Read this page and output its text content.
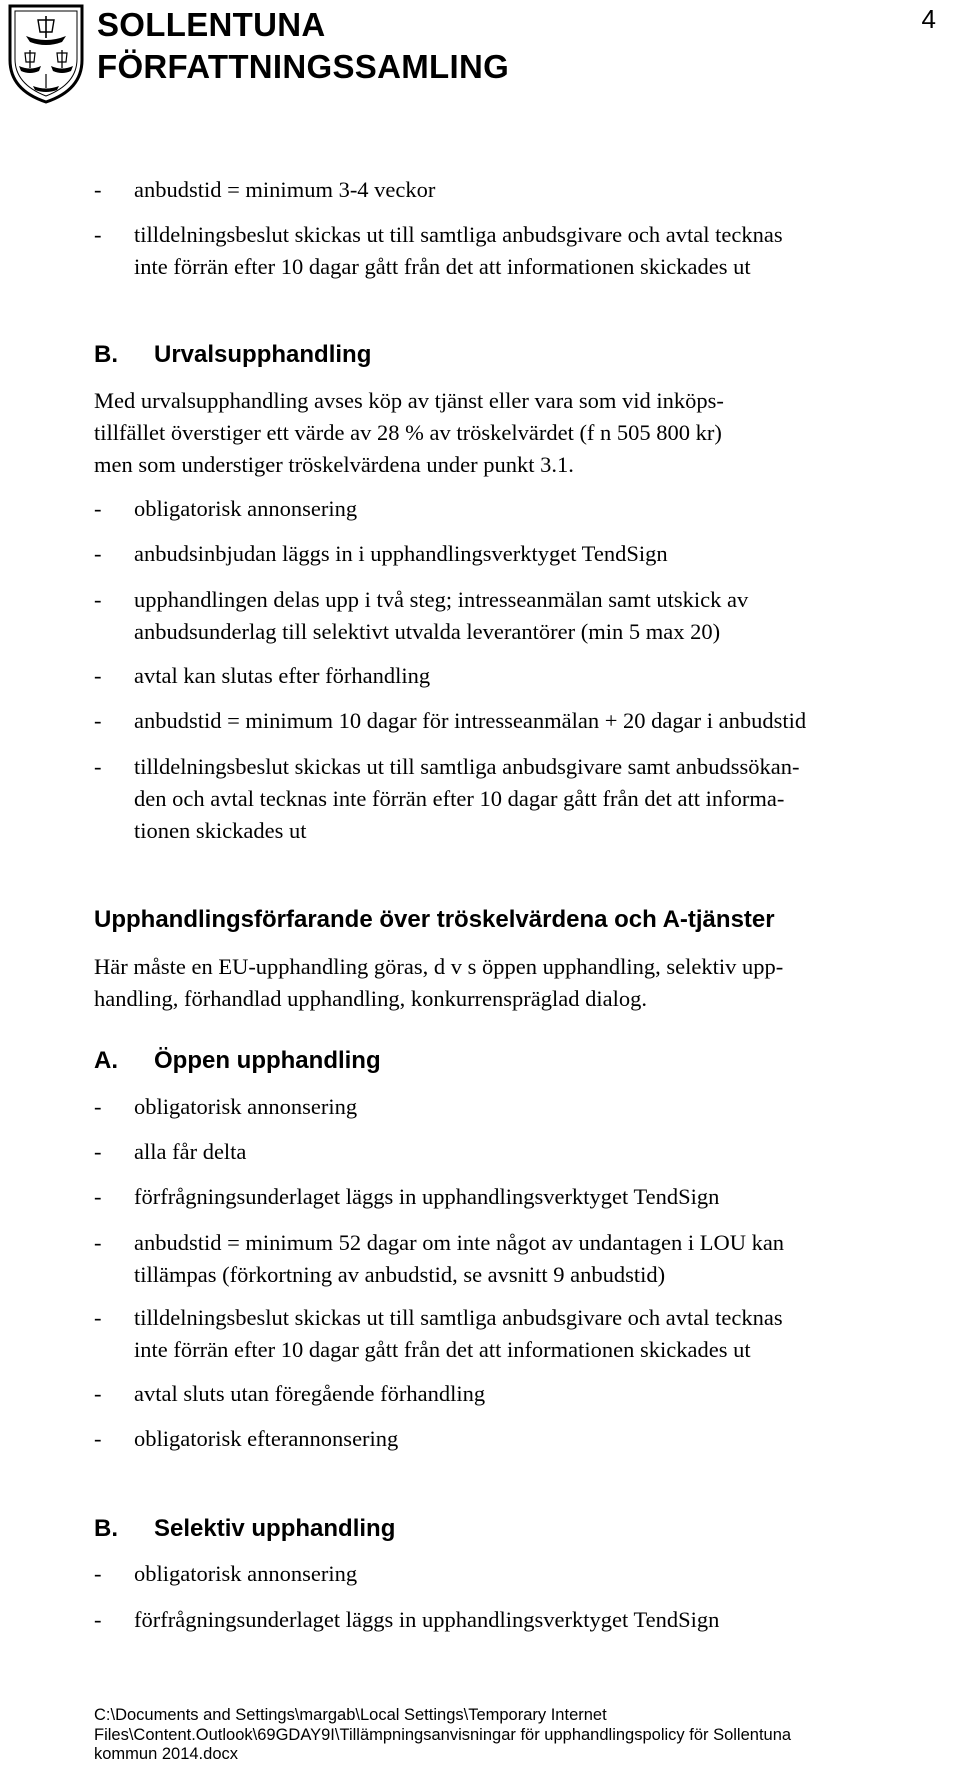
SOLLENTUNA
FÖRFATTNINGSSAMLING
4
-	anbudstid = minimum 3-4 veckor
-	tilldelningsbeslut skickas ut till samtliga anbudsgivare och avtal tecknas
inte förrän efter 10 dagar gått från det att informationen skickades ut
B. Urvalsupphandling

Med urvalsupphandling avses köp av tjänst eller vara som vid inköps-
tillfället överstiger ett värde av 28 % av tröskelvärdet (f n 505 800 kr)
men som understiger tröskelvärdena under punkt 3.1.

-	obligatorisk annonsering
-	anbudsinbjudan läggs in i upphandlingsverktyget TendSign
-	upphandlingen delas upp i två steg; intresseanmälan samt utskick av
anbudsunderlag till selektivt utvalda leverantörer (min 5 max 20)
-	avtal kan slutas efter förhandling
-	anbudstid = minimum 10 dagar för intresseanmälan + 20 dagar i anbudstid
-	tilldelningsbeslut skickas ut till samtliga anbudsgivare samt anbudssökan-
den och avtal tecknas inte förrän efter 10 dagar gått från det att informa-
tionen skickades ut
Upphandlingsförfarande över tröskelvärdena och A-tjänster

Här måste en EU-upphandling göras, d v s öppen upphandling, selektiv upp-
handling, förhandlad upphandling, konkurrenspräglad dialog.

A. Öppen upphandling
-	obligatorisk annonsering
-	alla får delta
-	förfrågningsunderlaget läggs in upphandlingsverktyget TendSign
-	anbudstid = minimum 52 dagar om inte något av undantagen i LOU kan
tillämpas (förkortning av anbudstid, se avsnitt 9 anbudstid)
-	tilldelningsbeslut skickas ut till samtliga anbudsgivare och avtal tecknas
inte förrän efter 10 dagar gått från det att informationen skickades ut
-	avtal sluts utan föregående förhandling
-	obligatorisk efterannonsering
B. Selektiv upphandling
-	obligatorisk annonsering
-	förfrågningsunderlaget läggs in upphandlingsverktyget TendSign

C:\Documents and Settings\margab\Local Settings\Temporary Internet
Files\Content.Outlook\69GDAY9I\Tillämpningsanvisningar för upphandlingspolicy för Sollentuna
kommun 2014.docx
